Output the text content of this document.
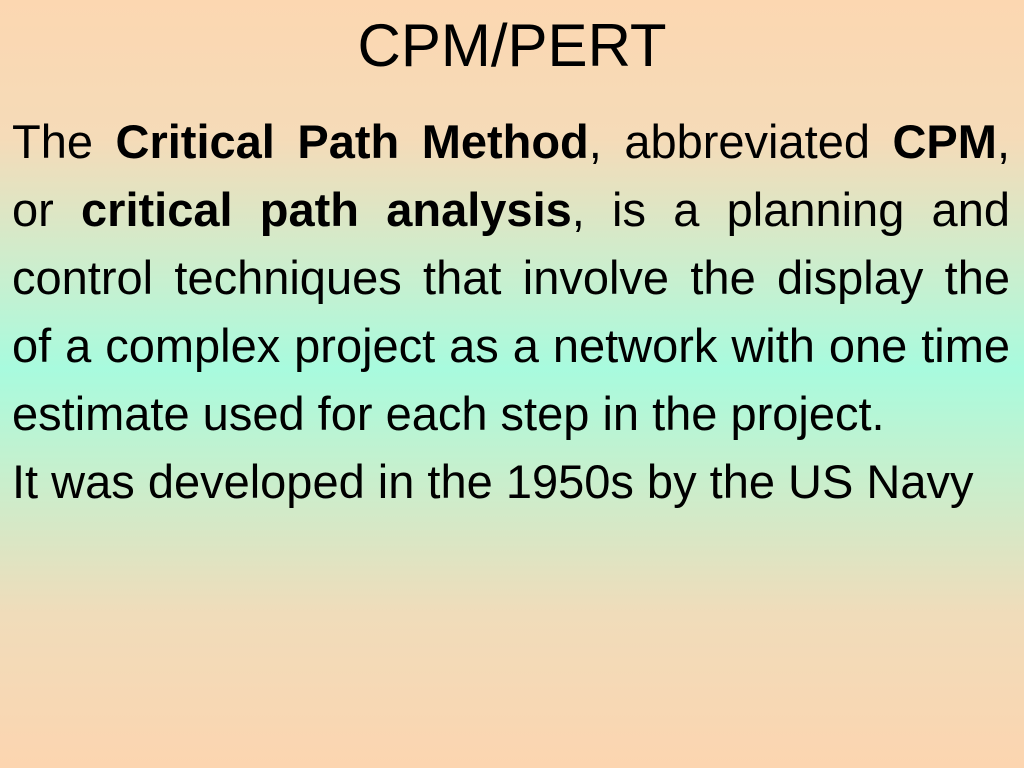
CPM/PERT

The Critical Path Method, abbreviated CPM, or critical path analysis, is a planning and control techniques that involve the display the of a complex project as a network with one time estimate used for each step in the project.

It was developed in the 1950s by the US Navy
